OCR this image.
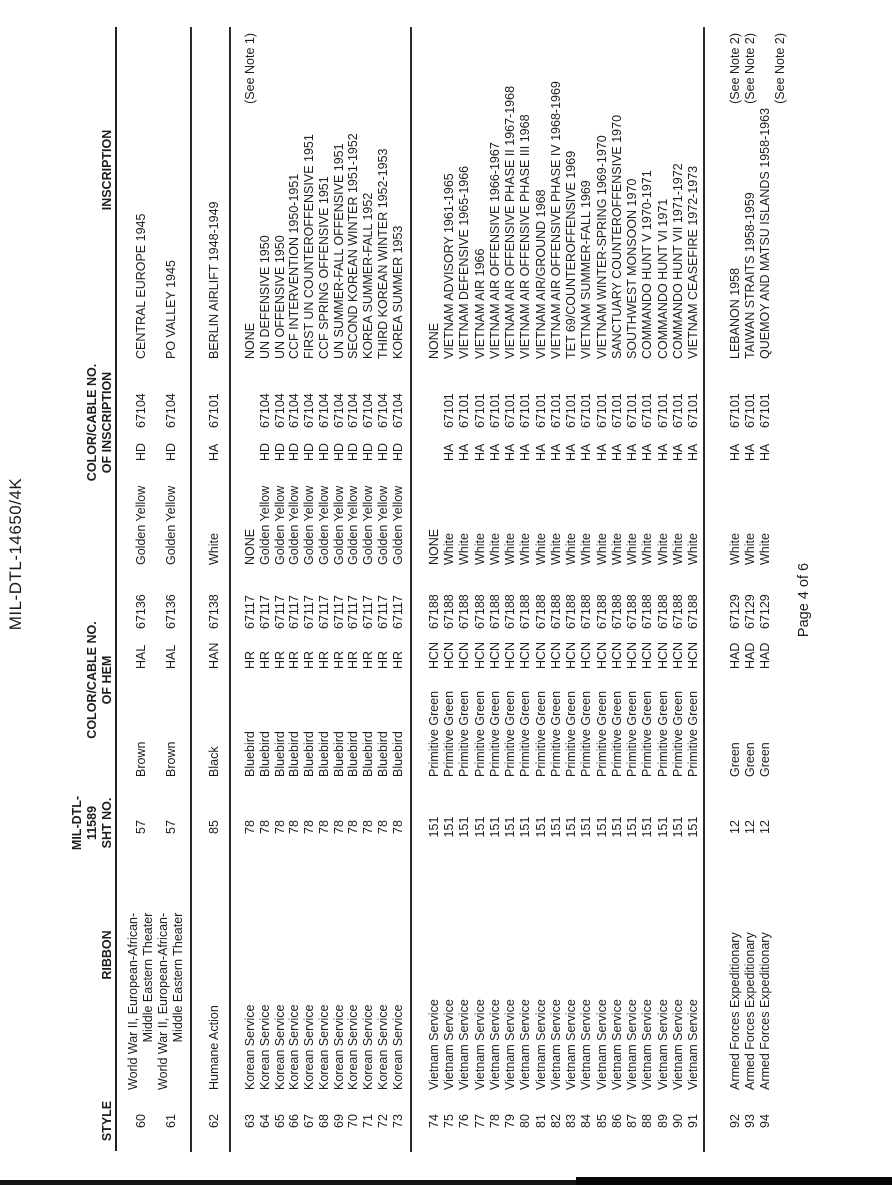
MIL-DTL-14650/4K
STYLE
RIBBON
MIL-DTL- 11589 SHT NO.
COLOR/CABLE NO. OF HEM
COLOR/CABLE NO. OF INSCRIPTION
INSCRIPTION
Page 4 of 6
60
57
Brown
HAL
67136
Golden Yellow
HD
67104
CENTRAL EUROPE 1945
World War II, European-African- Middle Eastern Theater
61
57
Brown
HAL
67136
Golden Yellow
HD
67104
PO VALLEY 1945
World War II, European-African- Middle Eastern Theater
62
85
Black
HAN
67138
White
HA
67101
BERLIN AIRLIFT 1948-1949
Humane Action
63
78
Bluebird
HR
67117
NONE
NONE
Korean Service
(See Note 1)
64
78
Bluebird
HR
67117
Golden Yellow
HD
67104
UN DEFENSIVE 1950
Korean Service
65
78
Bluebird
HR
67117
Golden Yellow
HD
67104
UN OFFENSIVE 1950
Korean Service
66
78
Bluebird
HR
67117
Golden Yellow
HD
67104
CCF INTERVENTION 1950-1951
Korean Service
67
78
Bluebird
HR
67117
Golden Yellow
HD
67104
FIRST UN COUNTEROFFENSIVE 1951
Korean Service
68
78
Bluebird
HR
67117
Golden Yellow
HD
67104
CCF SPRING OFFENSIVE 1951
Korean Service
69
78
Bluebird
HR
67117
Golden Yellow
HD
67104
UN SUMMER-FALL OFFENSIVE 1951
Korean Service
70
78
Bluebird
HR
67117
Golden Yellow
HD
67104
SECOND KOREAN WINTER 1951-1952
Korean Service
71
78
Bluebird
HR
67117
Golden Yellow
HD
67104
KOREA SUMMER-FALL 1952
Korean Service
72
78
Bluebird
HR
67117
Golden Yellow
HD
67104
THIRD KOREAN WINTER 1952-1953
Korean Service
73
78
Bluebird
HR
67117
Golden Yellow
HD
67104
KOREA SUMMER 1953
Korean Service
74
151
Primitive Green
HCN
67188
NONE
NONE
Vietnam Service
75
151
Primitive Green
HCN
67188
White
HA
67101
VIETNAM ADVISORY 1961-1965
Vietnam Service
76
151
Primitive Green
HCN
67188
White
HA
67101
VIETNAM DEFENSIVE 1965-1966
Vietnam Service
77
151
Primitive Green
HCN
67188
White
HA
67101
VIETNAM AIR 1966
Vietnam Service
78
151
Primitive Green
HCN
67188
White
HA
67101
VIETNAM AIR OFFENSIVE 1966-1967
Vietnam Service
79
151
Primitive Green
HCN
67188
White
HA
67101
VIETNAM AIR OFFENSIVE PHASE II 1967-1968
Vietnam Service
80
151
Primitive Green
HCN
67188
White
HA
67101
VIETNAM AIR OFFENSIVE PHASE III 1968
Vietnam Service
81
151
Primitive Green
HCN
67188
White
HA
67101
VIETNAM AIR/GROUND 1968
Vietnam Service
82
151
Primitive Green
HCN
67188
White
HA
67101
VIETNAM AIR OFFENSIVE PHASE IV 1968-1969
Vietnam Service
83
151
Primitive Green
HCN
67188
White
HA
67101
TET 69/COUNTEROFFENSIVE 1969
Vietnam Service
84
151
Primitive Green
HCN
67188
White
HA
67101
VIETNAM SUMMER-FALL 1969
Vietnam Service
85
151
Primitive Green
HCN
67188
White
HA
67101
VIETNAM WINTER-SPRING 1969-1970
Vietnam Service
86
151
Primitive Green
HCN
67188
White
HA
67101
SANCTUARY COUNTEROFFENSIVE 1970
Vietnam Service
87
151
Primitive Green
HCN
67188
White
HA
67101
SOUTHWEST MONSOON 1970
Vietnam Service
88
151
Primitive Green
HCN
67188
White
HA
67101
COMMANDO HUNT V 1970-1971
Vietnam Service
89
151
Primitive Green
HCN
67188
White
HA
67101
COMMANDO HUNT VI 1971
Vietnam Service
90
151
Primitive Green
HCN
67188
White
HA
67101
COMMANDO HUNT VII 1971-1972
Vietnam Service
91
151
Primitive Green
HCN
67188
White
HA
67101
VIETNAM CEASEFIRE 1972-1973
Vietnam Service
92
12
Green
HAD
67129
White
HA
67101
LEBANON 1958
Armed Forces Expeditionary
(See Note 2)
93
12
Green
HAD
67129
White
HA
67101
TAIWAN STRAITS 1958-1959
Armed Forces Expeditionary
(See Note 2)
94
12
Green
HAD
67129
White
HA
67101
QUEMOY AND MATSU ISLANDS 1958-1963
Armed Forces Expeditionary
(See Note 2)
